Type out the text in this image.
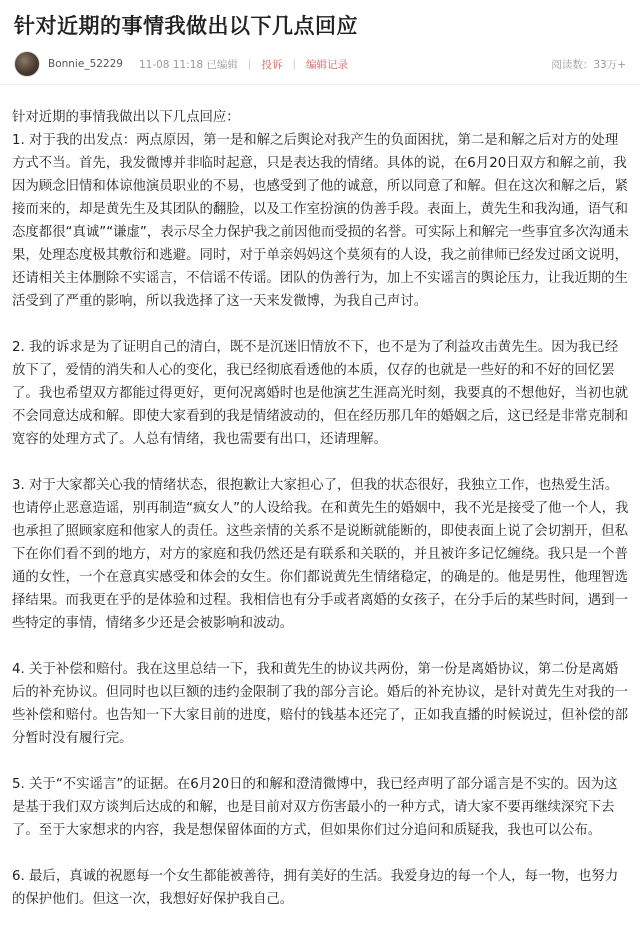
针对近期的事情我做出以下几点回应
Bonnie_52229 11-08 11:18 已编辑 | 投诉 | 编辑记录	阅读数： 33万+

针对近期的事情我做出以下几点回应：

1. 对于我的出发点：两点原因，第一是和解之后舆论对我产生的负面困扰，第二是和解之后对方的处理方式不当。首先，我发微博并非临时起意，只是表达我的情绪。具体的说，在6月20日双方和解之前，我因为顾念旧情和体谅他演员职业的不易，也感受到了他的诚意，所以同意了和解。但在这次和解之后，紧接而来的，却是黄先生及其团队的翻脸，以及工作室扮演的伪善手段。表面上，黄先生和我沟通，语气和态度都很“真诚”“谦虚”，表示尽全力保护我之前因他而受损的名誉。可实际上和解完一些事宜多次沟通未果，处理态度极其敷衍和逃避。同时，对于单亲妈妈这个莫须有的人设，我之前律师已经发过函文说明，还请相关主体删除不实谣言，不信谣不传谣。团队的伪善行为，加上不实谣言的舆论压力，让我近期的生活受到了严重的影响，所以我选择了这一天来发微博，为我自己声讨。

2. 我的诉求是为了证明自己的清白，既不是沉迷旧情放不下，也不是为了利益攻击黄先生。因为我已经放下了，爱情的消失和人心的变化，我已经彻底看透他的本质，仅存的也就是一些好的和不好的回忆罢了。我也希望双方都能过得更好，更何况离婚时也是他演艺生涯高光时刻，我要真的不想他好，当初也就不会同意达成和解。即使大家看到的我是情绪波动的，但在经历那几年的婚姻之后，这已经是非常克制和宽容的处理方式了。人总有情绪，我也需要有出口，还请理解。

3. 对于大家都关心我的情绪状态，很抱歉让大家担心了，但我的状态很好，我独立工作，也热爱生活。也请停止恶意造谣，别再制造“疯女人”的人设给我。在和黄先生的婚姻中，我不光是接受了他一个人，我也承担了照顾家庭和他家人的责任。这些亲情的关系不是说断就能断的，即使表面上说了会切割开，但私下在你们看不到的地方，对方的家庭和我仍然还是有联系和关联的，并且被许多记忆缠绕。我只是一个普通的女性，一个在意真实感受和体会的女生。你们都说黄先生情绪稳定，的确是的。他是男性，他理智选择结果。而我更在乎的是体验和过程。我相信也有分手或者离婚的女孩子，在分手后的某些时间，遇到一些特定的事情，情绪多少还是会被影响和波动。

4. 关于补偿和赔付。我在这里总结一下，我和黄先生的协议共两份，第一份是离婚协议，第二份是离婚后的补充协议。但同时也以巨额的违约金限制了我的部分言论。婚后的补充协议，是针对黄先生对我的一些补偿和赔付。也告知一下大家目前的进度，赔付的钱基本还完了，正如我直播的时候说过，但补偿的部分暂时没有履行完。

5. 关于“不实谣言”的证据。在6月20日的和解和澄清微博中，我已经声明了部分谣言是不实的。因为这是基于我们双方谈判后达成的和解，也是目前对双方伤害最小的一种方式，请大家不要再继续深究下去了。至于大家想求的内容，我是想保留体面的方式，但如果你们过分追问和质疑我，我也可以公布。

6. 最后，真诚的祝愿每一个女生都能被善待，拥有美好的生活。我爱身边的每一个人，每一物，也努力的保护他们。但这一次，我想好好保护我自己。
